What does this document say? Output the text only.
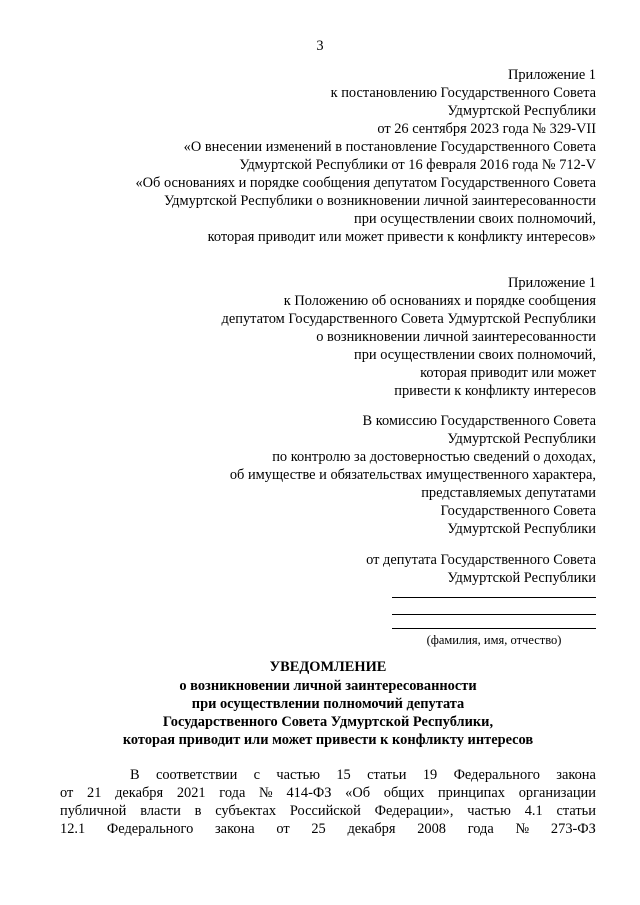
3
Приложение 1
к постановлению Государственного Совета
Удмуртской Республики
от 26 сентября 2023 года № 329-VII
«О внесении изменений в постановление Государственного Совета
Удмуртской Республики от 16 февраля 2016 года № 712-V
«Об основаниях и порядке сообщения депутатом Государственного Совета
Удмуртской Республики о возникновении личной заинтересованности
при осуществлении своих полномочий,
которая приводит или может привести к конфликту интересов»
Приложение 1
к Положению об основаниях и порядке сообщения
депутатом Государственного Совета Удмуртской Республики
о возникновении личной заинтересованности
при осуществлении своих полномочий,
которая приводит или может
привести к конфликту интересов
В комиссию Государственного Совета
Удмуртской Республики
по контролю за достоверностью сведений о доходах,
об имуществе и обязательствах имущественного характера,
представляемых депутатами
Государственного Совета
Удмуртской Республики
от депутата Государственного Совета
Удмуртской Республики
(фамилия, имя, отчество)
УВЕДОМЛЕНИЕ
о возникновении личной заинтересованности
при осуществлении полномочий депутата
Государственного Совета Удмуртской Республики,
которая приводит или может привести к конфликту интересов
В соответствии с частью 15 статьи 19 Федерального закона
от 21 декабря 2021 года № 414-ФЗ «Об общих принципах организации
публичной власти в субъектах Российской Федерации», частью 4.1 статьи
12.1 Федерального закона от 25 декабря 2008 года № 273-ФЗ
